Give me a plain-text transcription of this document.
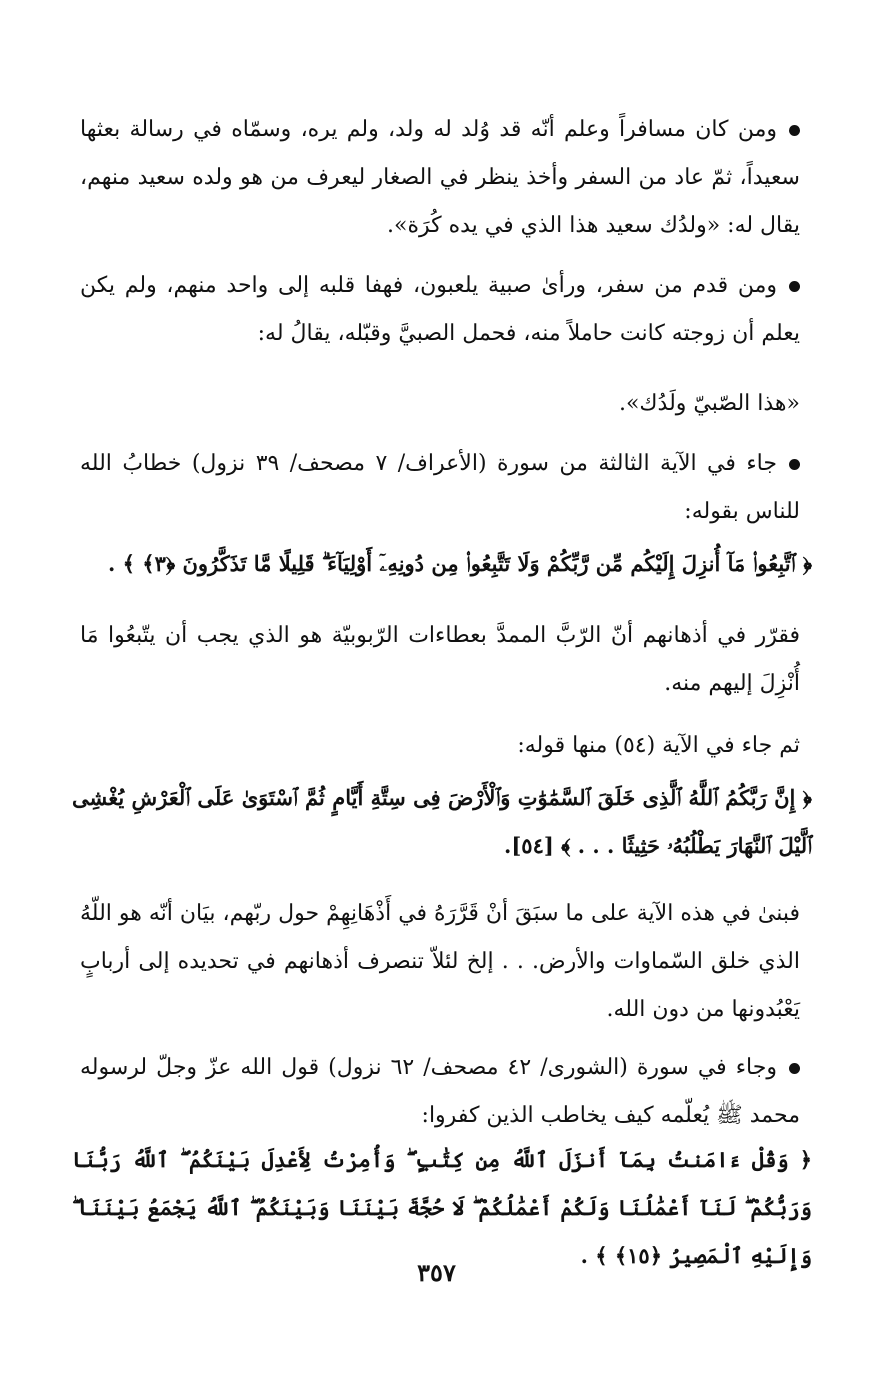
ومن كان مسافراً وعلم أنّه قد وُلد له ولد، ولم يره، وسمّاه في رسالة بعثها سعيداً، ثمّ عاد من السفر وأخذ ينظر في الصغار ليعرف من هو ولده سعيد منهم، يقال له: «ولدُك سعيد هذا الذي في يده كُرَة».
ومن قدم من سفر، ورأىٰ صبية يلعبون، فهفا قلبه إلى واحد منهم، ولم يكن يعلم أن زوجته كانت حاملاً منه، فحمل الصبيَّ وقبّله، يقالُ له:
«هذا الصّبيّ ولَدُك».
جاء في الآية الثالثة من سورة (الأعراف/ ٧ مصحف/ ٣٩ نزول) خطابُ الله للناس بقوله:
﴿ ٱتَّبِعُوا۟ مَآ أُنزِلَ إِلَيْكُم مِّن رَّبِّكُمْ وَلَا تَتَّبِعُوا۟ مِن دُونِهِۦٓ أَوْلِيَآءَ ۗ قَلِيلًا مَّا تَذَكَّرُونَ ﴿٣﴾ ﴾ .
فقرّر في أذهانهم أنّ الرّبَّ الممدَّ بعطاءات الرّبوبيّة هو الذي يجب أن يتّبعُوا مَا أُنْزِلَ إليهم منه.
ثم جاء في الآية (٥٤) منها قوله:
﴿ إِنَّ رَبَّكُمُ ٱللَّهُ ٱلَّذِى خَلَقَ ٱلسَّمَٰوَٰتِ وَٱلْأَرْضَ فِى سِتَّةِ أَيَّامٍ ثُمَّ ٱسْتَوَىٰ عَلَى ٱلْعَرْشِ يُغْشِى ٱلَّيْلَ ٱلنَّهَارَ يَطْلُبُهُۥ حَثِيثًا . . . ﴾ [٥٤].
فبنىٰ في هذه الآية على ما سبَقَ أنْ قَرَّرَهُ في أَذْهَانِهِمْ حول ربّهم، بيَان أنّه هو اللّهُ الذي خلق السّماوات والأرض. . . إلخ لئلاّ تنصرف أذهانهم في تحديده إلى أربابٍ يَعْبُدونها من دون الله.
وجاء في سورة (الشورى/ ٤٢ مصحف/ ٦٢ نزول) قول الله عزّ وجلّ لرسوله محمد ﷺ يُعلّمه كيف يخاطب الذين كفروا:
﴿ وَقُلْ ءَامَنتُ بِمَآ أَنزَلَ ٱللَّهُ مِن كِتَٰبٍ ۖ وَأُمِرْتُ لِأَعْدِلَ بَيْنَكُمُ ۖ ٱللَّهُ رَبُّنَا وَرَبُّكُمْ ۖ لَنَآ أَعْمَٰلُنَا وَلَكُمْ أَعْمَٰلُكُمْ ۖ لَا حُجَّةَ بَيْنَنَا وَبَيْنَكُمُ ۖ ٱللَّهُ يَجْمَعُ بَيْنَنَا ۖ وَإِلَيْهِ ٱلْمَصِيرُ ﴿١٥﴾ ﴾ .
٣٥٧
